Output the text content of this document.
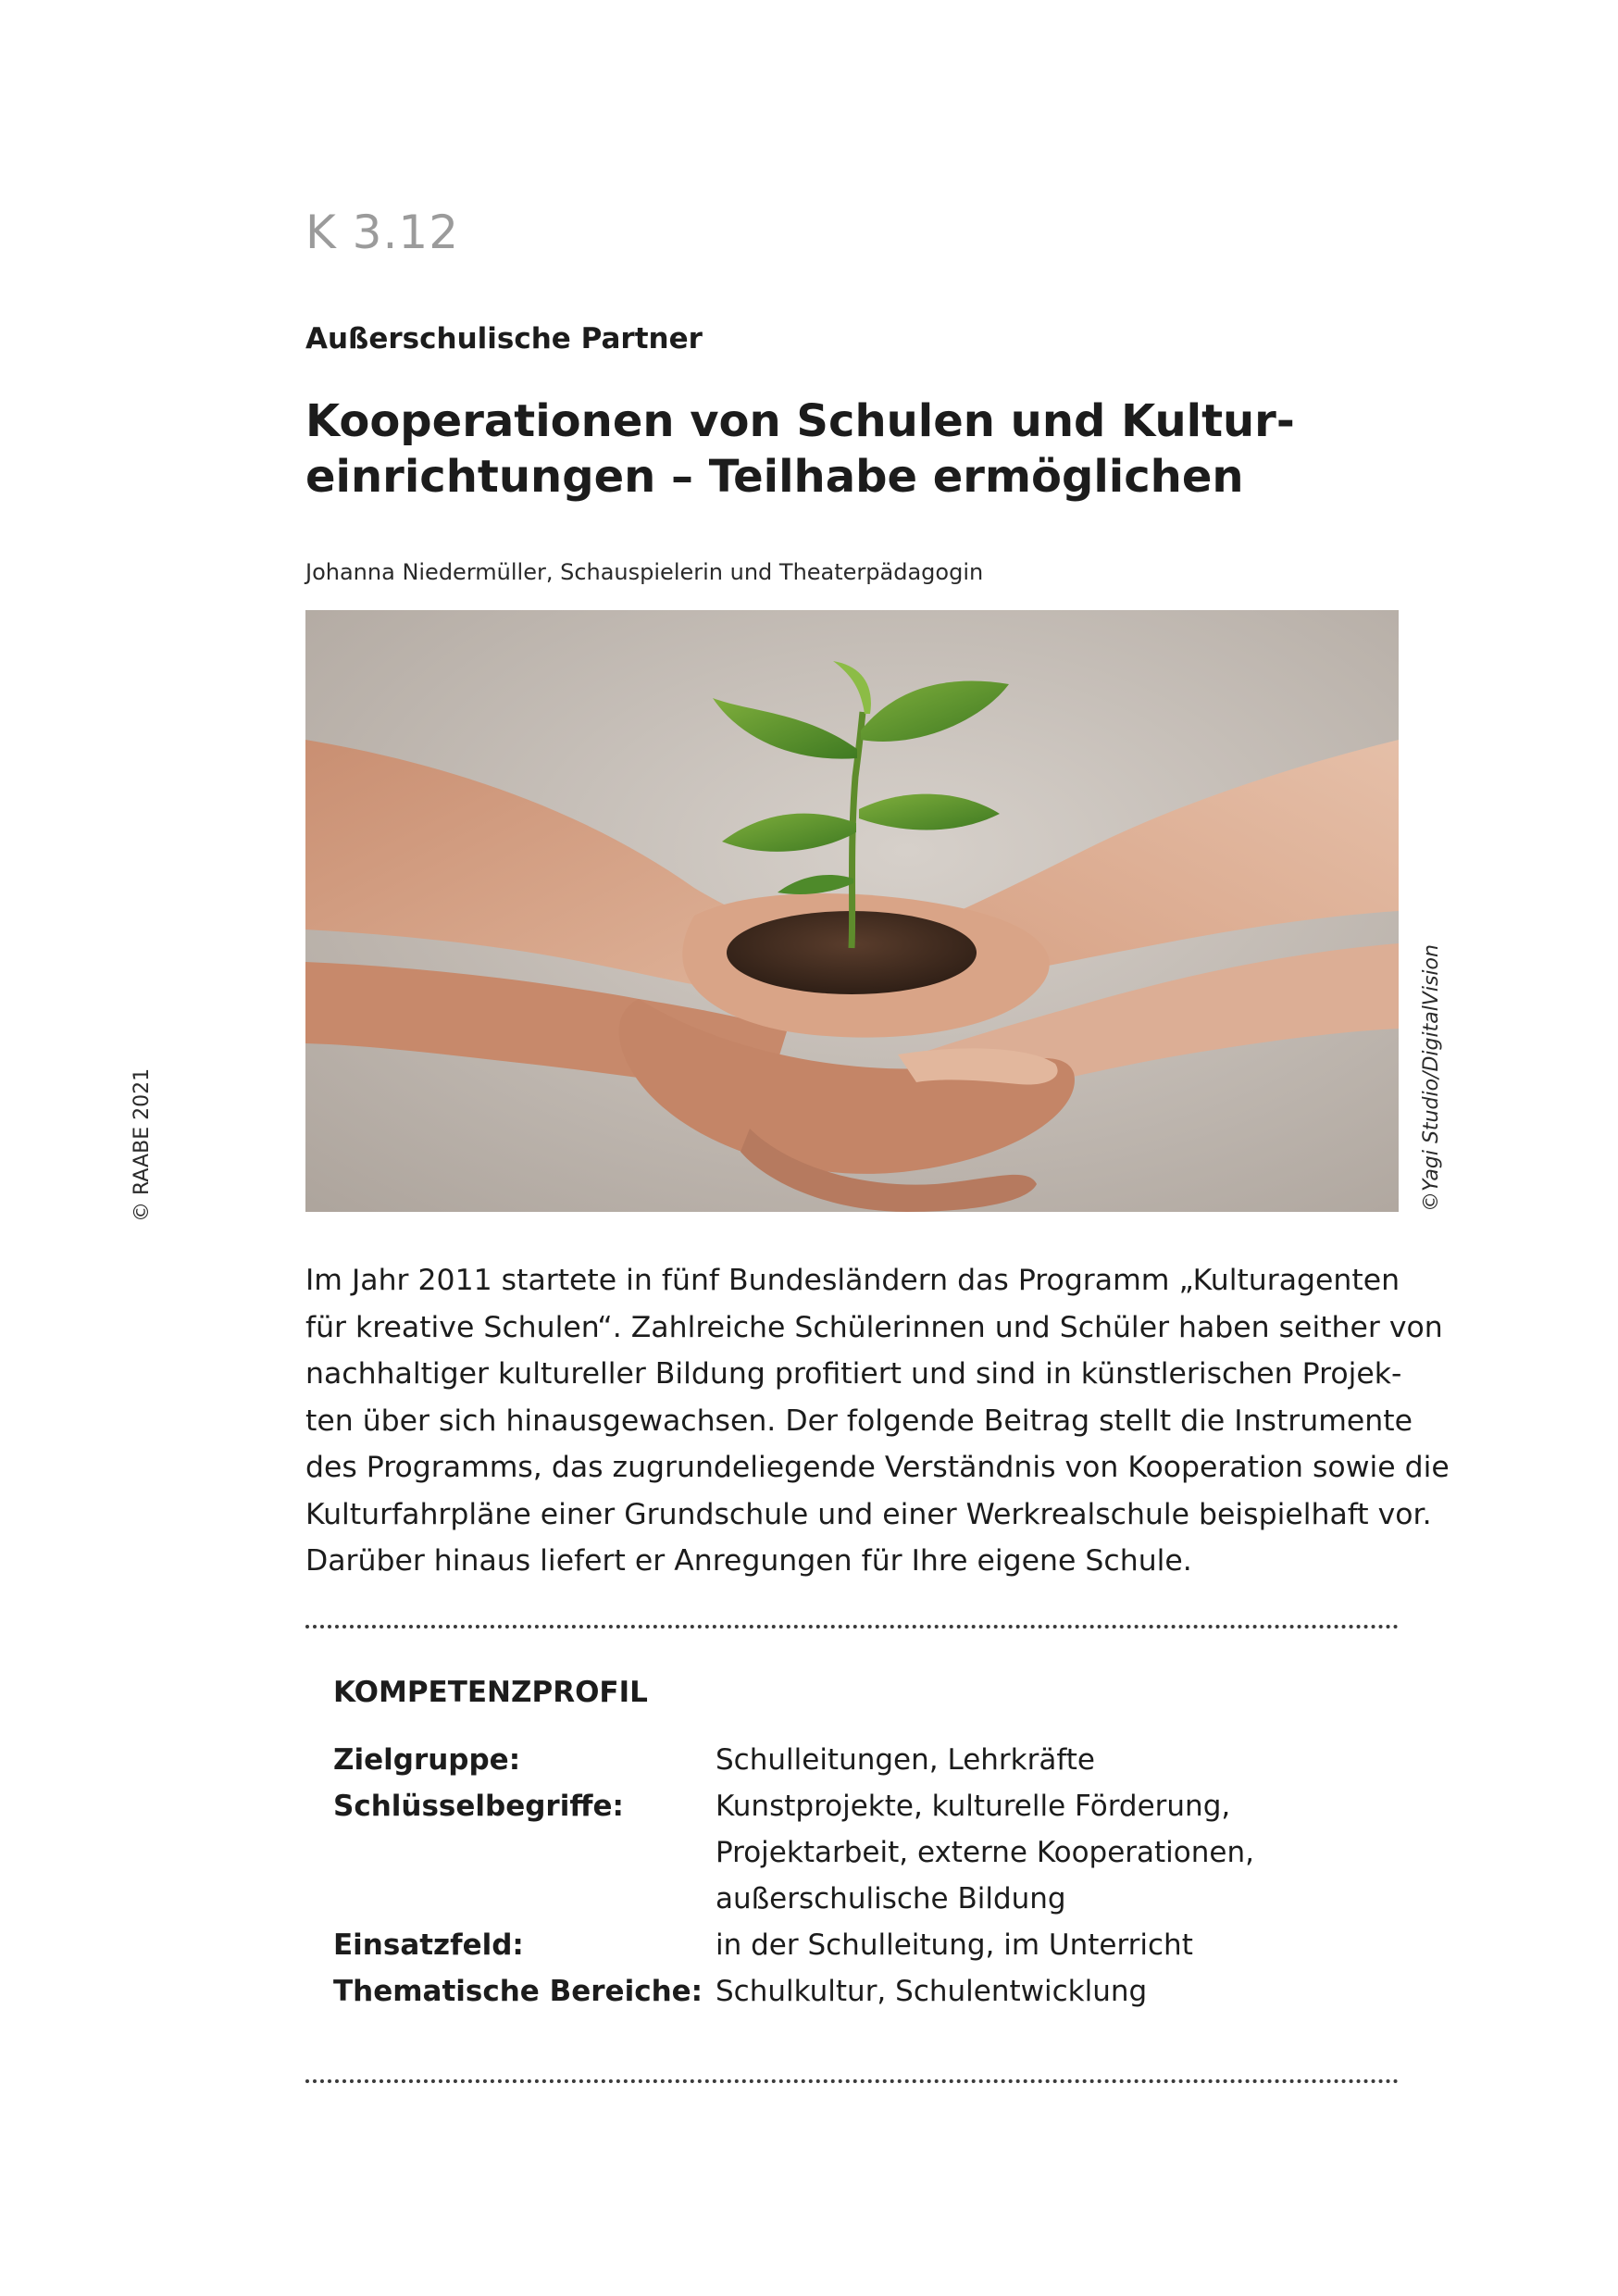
K 3.12
Außerschulische Partner
Kooperationen von Schulen und Kultur-
einrichtungen – Teilhabe ermöglichen
Johanna Niedermüller, Schauspielerin und Theaterpädagogin
©Yagi Studio/DigitalVision
© RAABE 2021
Im Jahr 2011 startete in fünf Bundesländern das Programm „Kulturagenten
für kreative Schulen“. Zahlreiche Schülerinnen und Schüler haben seither von
nachhaltiger kultureller Bildung profitiert und sind in künstlerischen Projek-
ten über sich hinausgewachsen. Der folgende Beitrag stellt die Instrumente
des Programms, das zugrundeliegende Verständnis von Kooperation sowie die
Kulturfahrpläne einer Grundschule und einer Werkrealschule beispielhaft vor.
Darüber hinaus liefert er Anregungen für Ihre eigene Schule.
KOMPETENZPROFIL
Zielgruppe:	Schulleitungen, Lehrkräfte
Schlüsselbegriffe:	Kunstprojekte, kulturelle Förderung,
Projektarbeit, externe Kooperationen,
außerschulische Bildung
Einsatzfeld:	in der Schulleitung, im Unterricht
Thematische Bereiche: Schulkultur, Schulentwicklung
